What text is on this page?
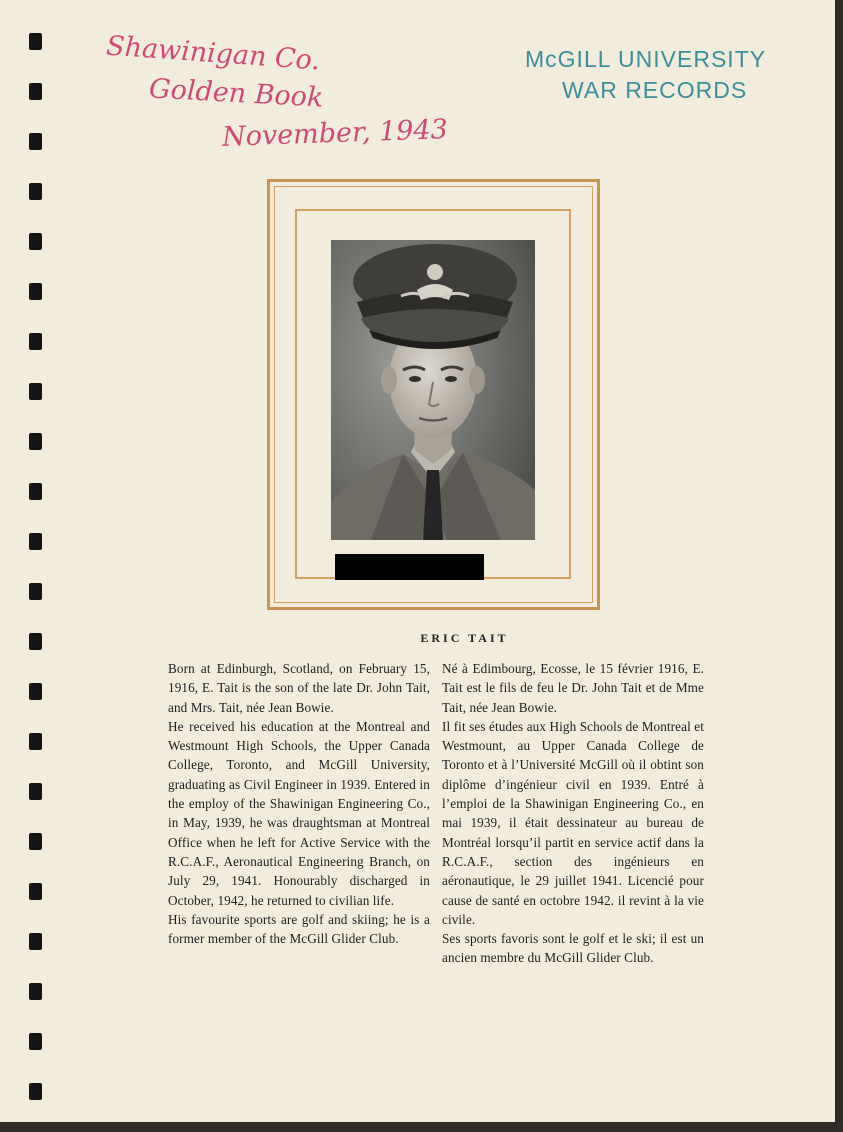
Shawinigan Co.
Golden Book
November, 1943
McGILL UNIVERSITY
WAR RECORDS
ERIC TAIT

Born at Edinburgh, Scotland, on February 15, 1916, E. Tait is the son of the late Dr. John Tait, and Mrs. Tait, née Jean Bowie.

He received his education at the Montreal and Westmount High Schools, the Upper Canada College, Toronto, and McGill University, graduating as Civil Engineer in 1939. Entered in the employ of the Shawinigan Engineering Co., in May, 1939, he was draughtsman at Montreal Office when he left for Active Service with the R.C.A.F., Aeronautical Engineering Branch, on July 29, 1941. Honourably discharged in October, 1942, he returned to civilian life.

His favourite sports are golf and skiing; he is a former member of the McGill Glider Club.

Né à Edimbourg, Ecosse, le 15 février 1916, E. Tait est le fils de feu le Dr. John Tait et de Mme Tait, née Jean Bowie.

Il fit ses études aux High Schools de Montreal et Westmount, au Upper Canada College de Toronto et à l’Université McGill où il obtint son diplôme d’ingénieur civil en 1939. Entré à l’emploi de la Shawinigan Engineering Co., en mai 1939, il était dessinateur au bureau de Montréal lorsqu’il partit en service actif dans la R.C.A.F., section des ingénieurs en aéronautique, le 29 juillet 1941. Licencié pour cause de santé en octobre 1942. il revint à la vie civile.

Ses sports favoris sont le golf et le ski; il est un ancien membre du McGill Glider Club.
